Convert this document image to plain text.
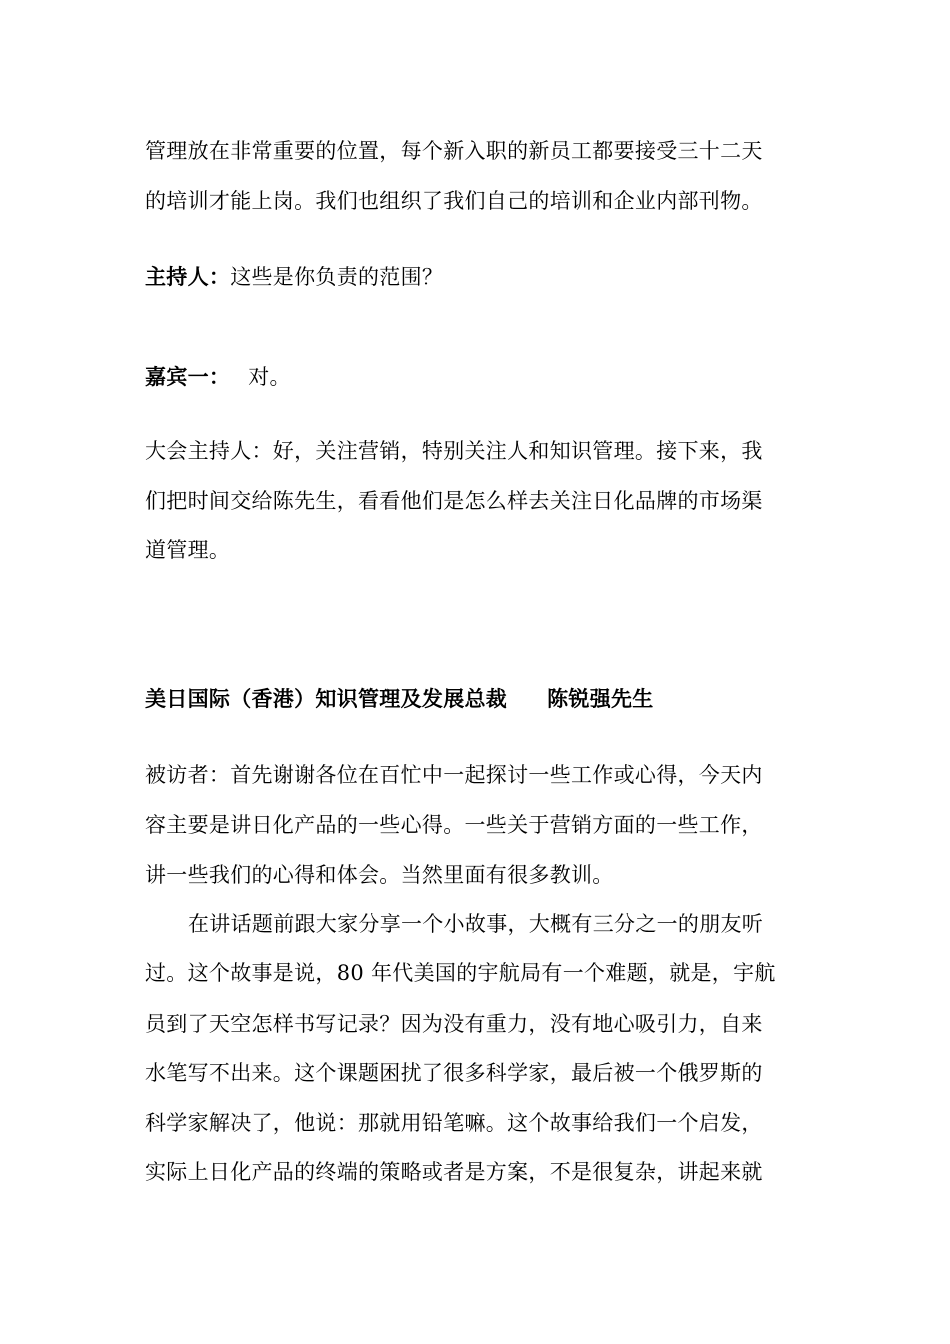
管理放在非常重要的位置，每个新入职的新员工都要接受三十二天
的培训才能上岗。我们也组织了我们自己的培训和企业内部刊物。
主持人：这些是你负责的范围？
嘉宾一： 对。
大会主持人：好，关注营销，特别关注人和知识管理。接下来，我
们把时间交给陈先生，看看他们是怎么样去关注日化品牌的市场渠
道管理。
美日国际（香港）知识管理及发展总裁 陈锐强先生
被访者：首先谢谢各位在百忙中一起探讨一些工作或心得，今天内
容主要是讲日化产品的一些心得。一些关于营销方面的一些工作，
讲一些我们的心得和体会。当然里面有很多教训。
在讲话题前跟大家分享一个小故事，大概有三分之一的朋友听
过。这个故事是说，80 年代美国的宇航局有一个难题，就是，宇航
员到了天空怎样书写记录？因为没有重力，没有地心吸引力，自来
水笔写不出来。这个课题困扰了很多科学家，最后被一个俄罗斯的
科学家解决了，他说：那就用铅笔嘛。这个故事给我们一个启发，
实际上日化产品的终端的策略或者是方案，不是很复杂，讲起来就
